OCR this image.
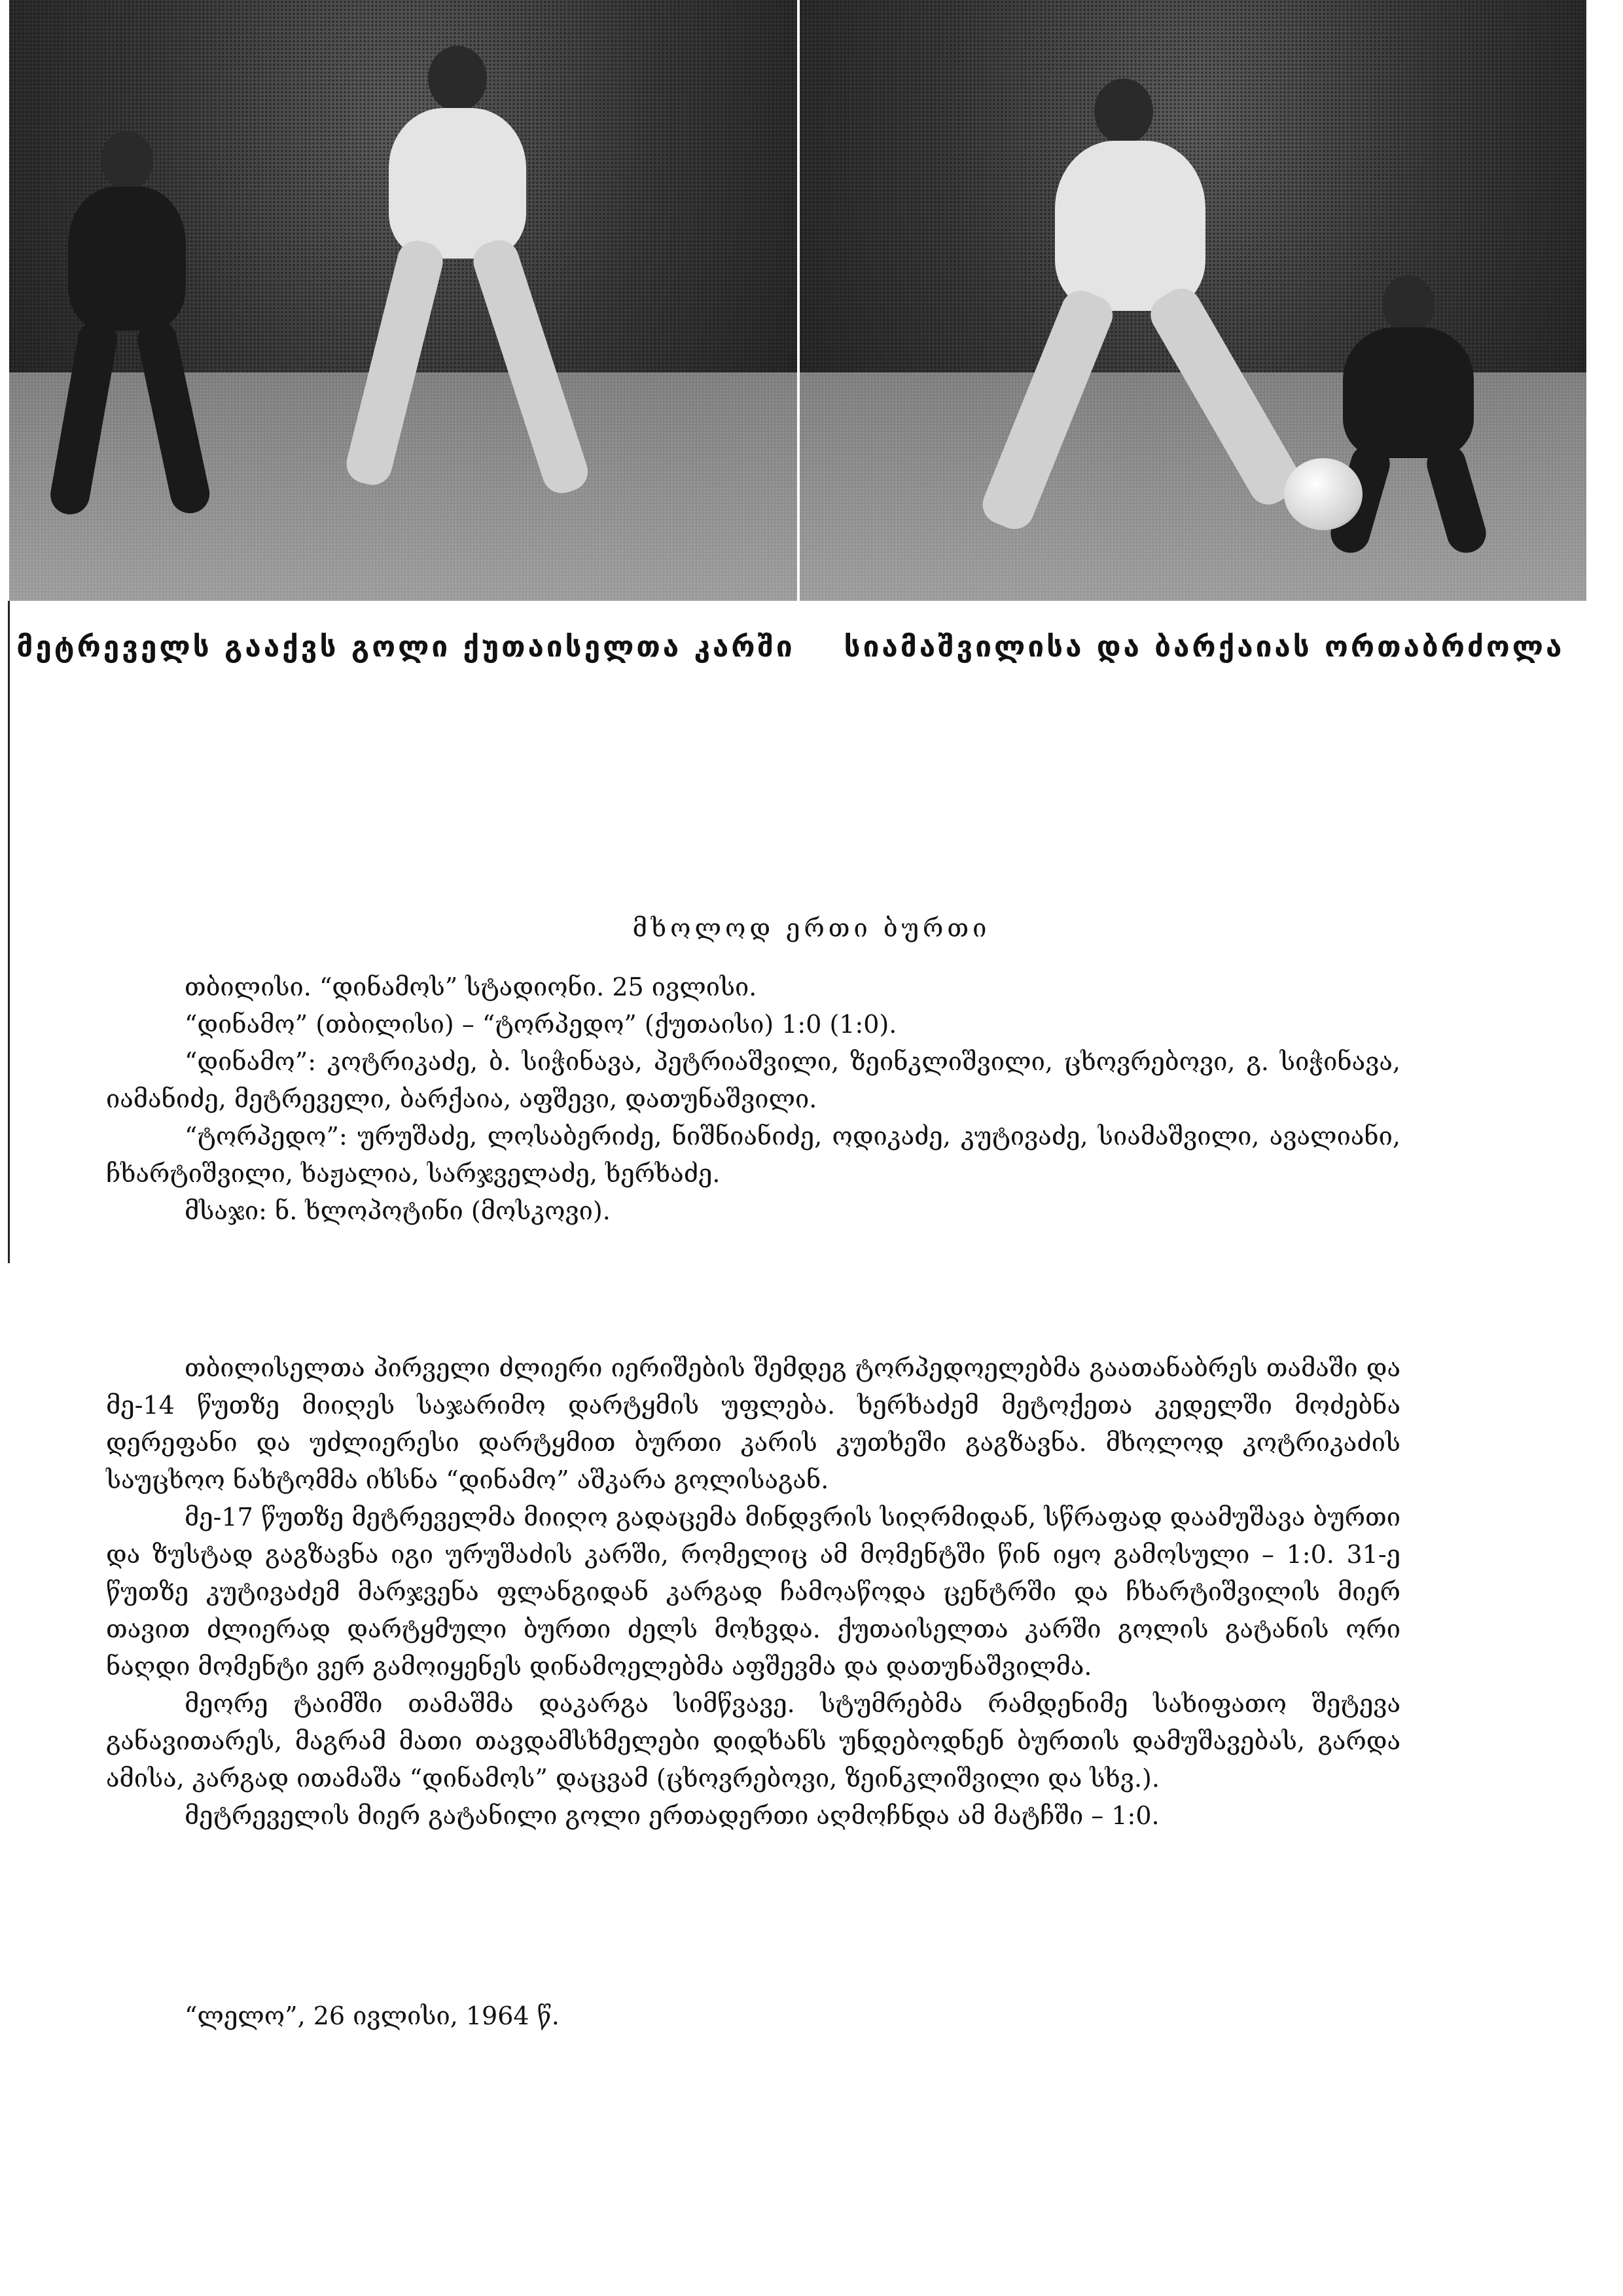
მეტრეველს გააქვს გოლი ქუთაისელთა კარში	სიამაშვილისა და ბარქაიას ორთაბრძოლა
მხოლოდ ერთი ბურთი

თბილისი. “დინამოს” სტადიონი. 25 ივლისი.

“დინამო” (თბილისი) – “ტორპედო” (ქუთაისი) 1:0 (1:0).

“დინამო”: კოტრიკაძე, ბ. სიჭინავა, პეტრიაშვილი, ზეინკლიშვილი, ცხოვრებოვი, გ. სიჭინავა, იამანიძე, მეტრეველი, ბარქაია, აფშევი, დათუნაშვილი.

“ტორპედო”: ურუშაძე, ლოსაბერიძე, ნიშნიანიძე, ოდიკაძე, კუტივაძე, სიამაშვილი, ავალიანი, ჩხარტიშვილი, ხაჟალია, სარჯველაძე, ხერხაძე.

მსაჯი: ნ. ხლოპოტინი (მოსკოვი).

თბილისელთა პირველი ძლიერი იერიშების შემდეგ ტორპედოელებმა გაათანაბრეს თამაში და მე-14 წუთზე მიიღეს საჯარიმო დარტყმის უფლება. ხერხაძემ მეტოქეთა კედელში მოძებნა დერეფანი და უძლიერესი დარტყმით ბურთი კარის კუთხეში გაგზავნა. მხოლოდ კოტრიკაძის საუცხოო ნახტომმა იხსნა “დინამო” აშკარა გოლისაგან.

მე-17 წუთზე მეტრეველმა მიიღო გადაცემა მინდვრის სიღრმიდან, სწრაფად დაამუშავა ბურთი და ზუსტად გაგზავნა იგი ურუშაძის კარში, რომელიც ამ მომენტში წინ იყო გამოსული – 1:0. 31-ე წუთზე კუტივაძემ მარჯვენა ფლანგიდან კარგად ჩამოაწოდა ცენტრში და ჩხარტიშვილის მიერ თავით ძლიერად დარტყმული ბურთი ძელს მოხვდა. ქუთაისელთა კარში გოლის გატანის ორი ნაღდი მომენტი ვერ გამოიყენეს დინამოელებმა აფშევმა და დათუნაშვილმა.

მეორე ტაიმში თამაშმა დაკარგა სიმწვავე. სტუმრებმა რამდენიმე სახიფათო შეტევა განავითარეს, მაგრამ მათი თავდამსხმელები დიდხანს უნდებოდნენ ბურთის დამუშავებას, გარდა ამისა, კარგად ითამაშა “დინამოს” დაცვამ (ცხოვრებოვი, ზეინკლიშვილი და სხვ.).

მეტრეველის მიერ გატანილი გოლი ერთადერთი აღმოჩნდა ამ მატჩში – 1:0.

“ლელო”, 26 ივლისი, 1964 წ.
